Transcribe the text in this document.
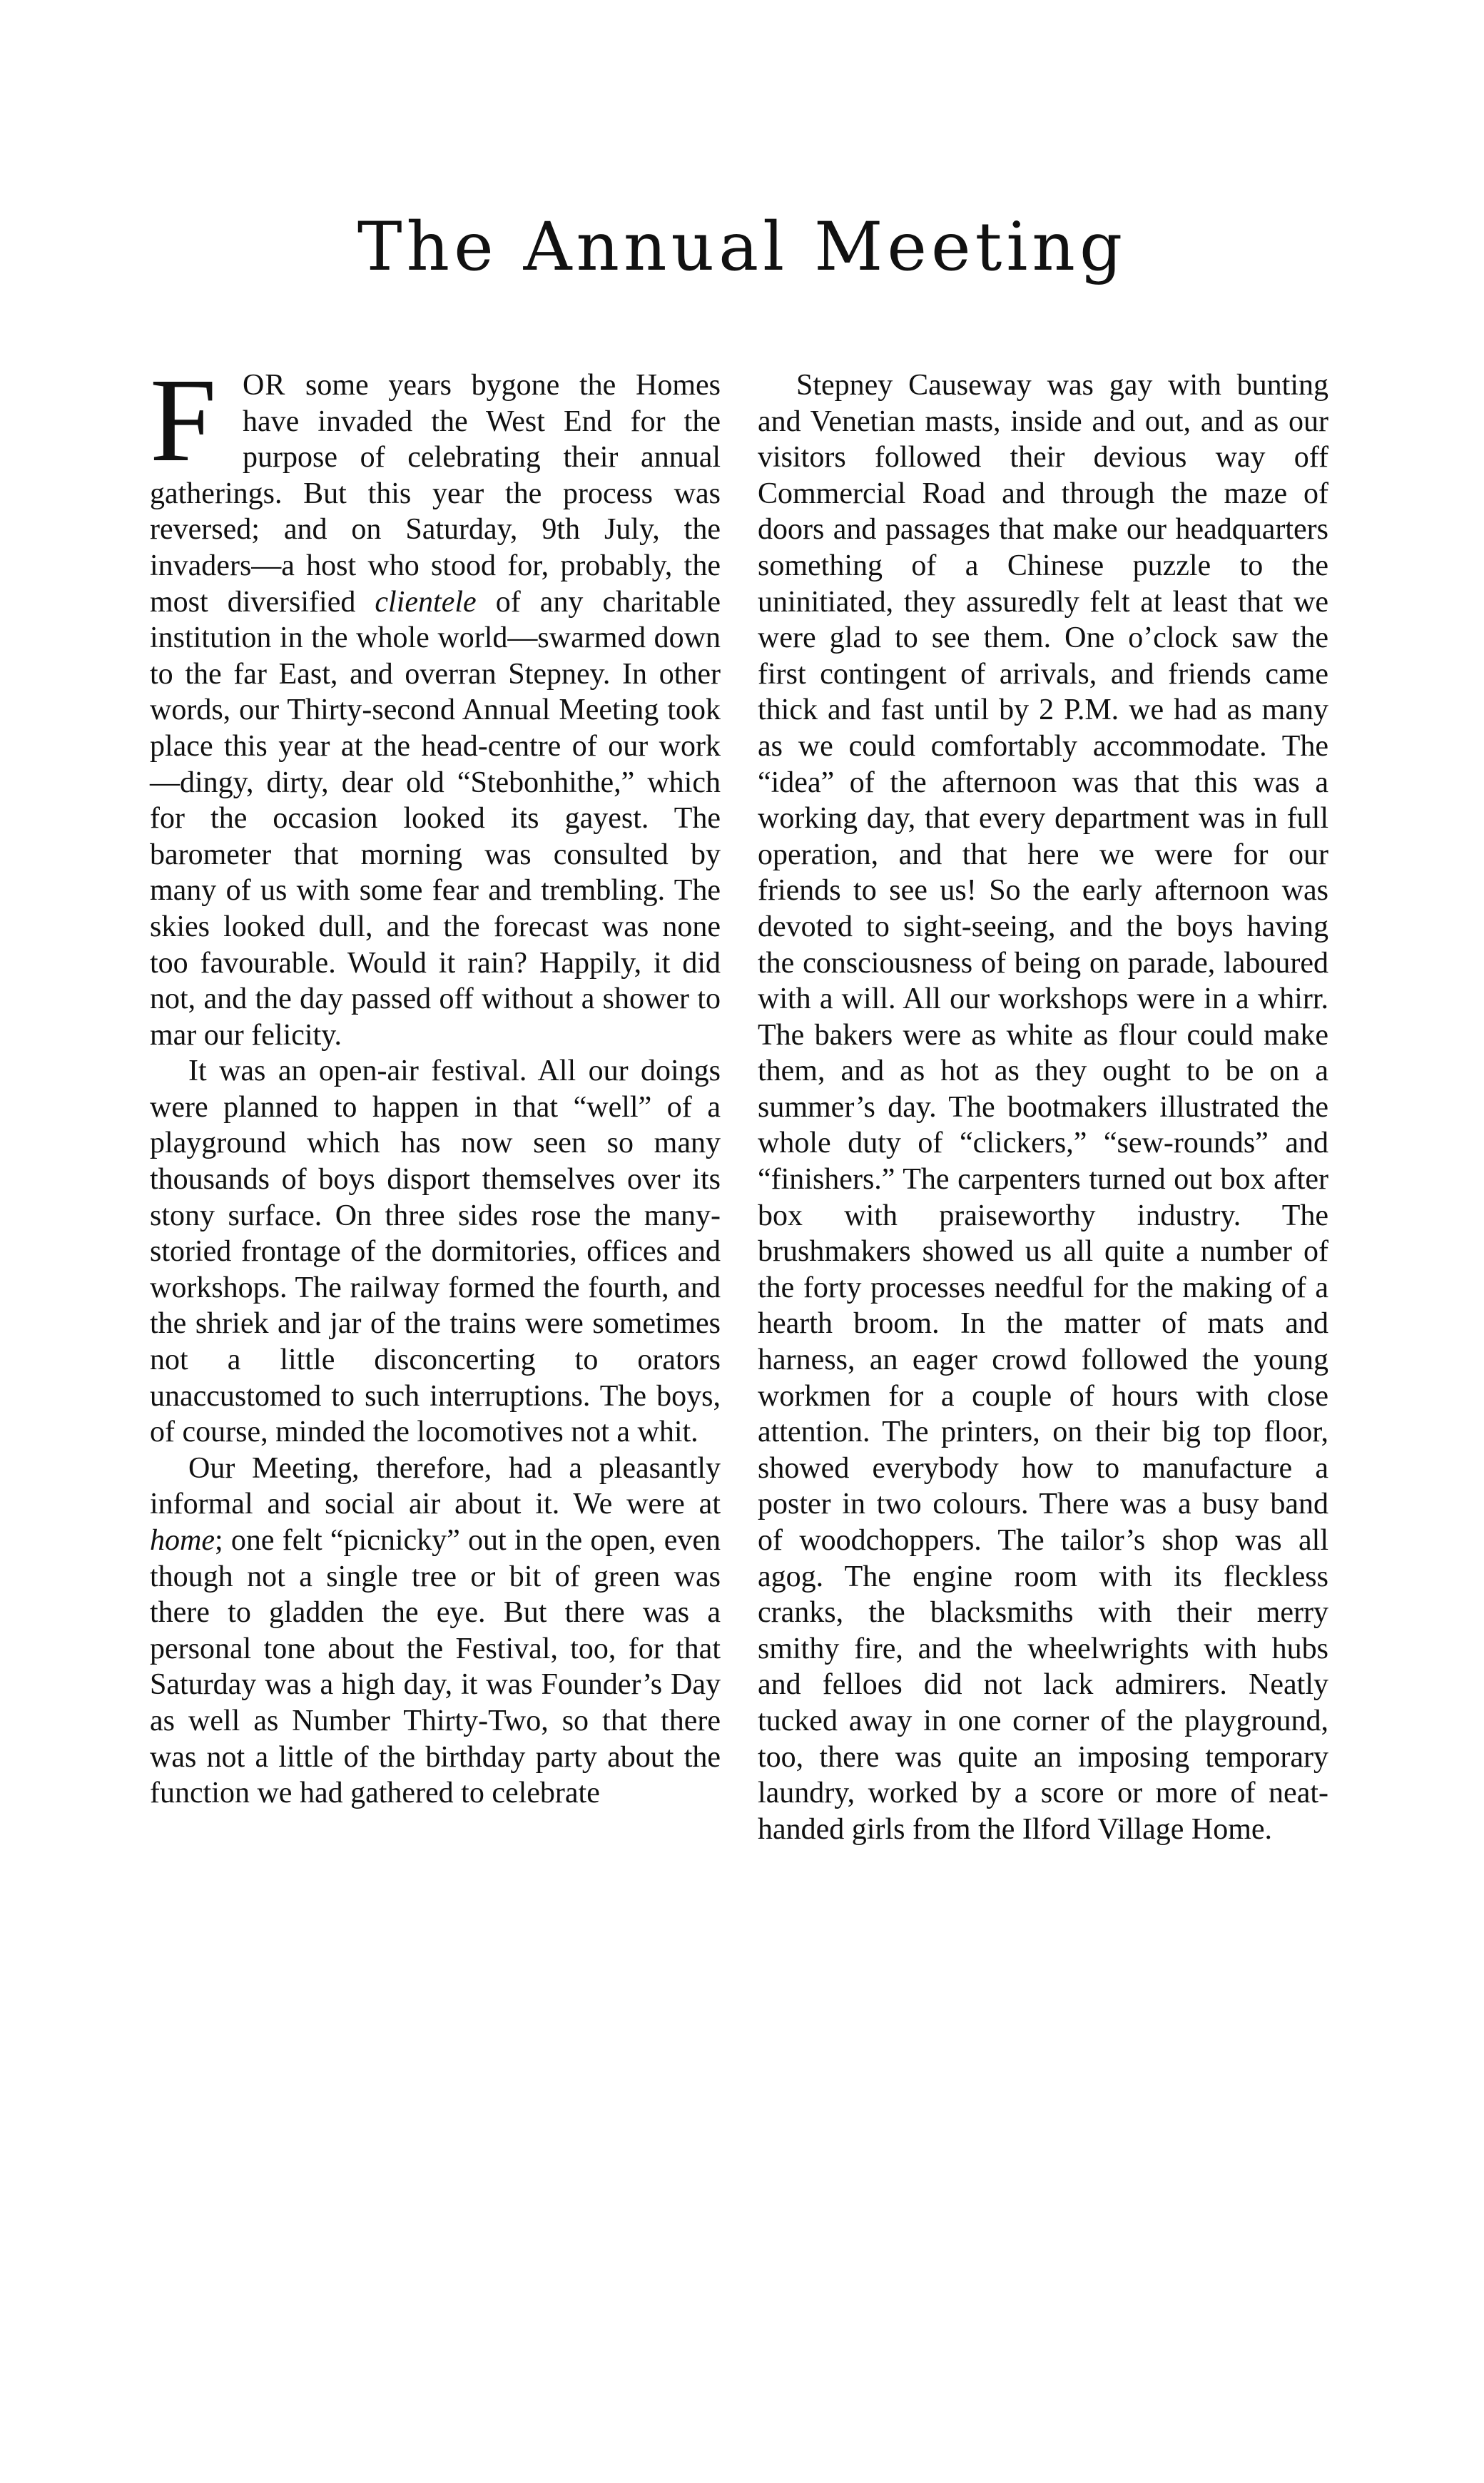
The Annual Meeting

FOR some years bygone the Homes have invaded the West End for the purpose of celebrating their annual gatherings. But this year the process was reversed; and on Saturday, 9th July, the invaders—a host who stood for, probably, the most diversified clientele of any charitable institution in the whole world—swarmed down to the far East, and overran Stepney. In other words, our Thirty-second Annual Meeting took place this year at the head-centre of our work—dingy, dirty, dear old “Stebonhithe,” which for the occasion looked its gayest. The barometer that morning was consulted by many of us with some fear and trembling. The skies looked dull, and the forecast was none too favourable. Would it rain? Happily, it did not, and the day passed off without a shower to mar our felicity.

It was an open-air festival. All our doings were planned to happen in that “well” of a playground which has now seen so many thousands of boys disport themselves over its stony surface. On three sides rose the many-storied frontage of the dormitories, offices and workshops. The railway formed the fourth, and the shriek and jar of the trains were sometimes not a little disconcerting to orators unaccustomed to such interruptions. The boys, of course, minded the locomotives not a whit.

Our Meeting, therefore, had a pleasantly informal and social air about it. We were at home; one felt “picnicky” out in the open, even though not a single tree or bit of green was there to gladden the eye. But there was a personal tone about the Festival, too, for that Saturday was a high day, it was Founder’s Day as well as Number Thirty-Two, so that there was not a little of the birthday party about the function we had gathered to celebrate

Stepney Causeway was gay with bunting and Venetian masts, inside and out, and as our visitors followed their devious way off Commercial Road and through the maze of doors and passages that make our headquarters something of a Chinese puzzle to the uninitiated, they assuredly felt at least that we were glad to see them. One o’clock saw the first contingent of arrivals, and friends came thick and fast until by 2 P.M. we had as many as we could comfortably accommodate. The “idea” of the afternoon was that this was a working day, that every department was in full operation, and that here we were for our friends to see us! So the early afternoon was devoted to sight-seeing, and the boys having the consciousness of being on parade, laboured with a will. All our workshops were in a whirr. The bakers were as white as flour could make them, and as hot as they ought to be on a summer’s day. The bootmakers illustrated the whole duty of “clickers,” “sew-rounds” and “finishers.” The carpenters turned out box after box with praiseworthy industry. The brushmakers showed us all quite a number of the forty processes needful for the making of a hearth broom. In the matter of mats and harness, an eager crowd followed the young workmen for a couple of hours with close attention. The printers, on their big top floor, showed everybody how to manufacture a poster in two colours. There was a busy band of woodchoppers. The tailor’s shop was all agog. The engine room with its fleckless cranks, the blacksmiths with their merry smithy fire, and the wheelwrights with hubs and felloes did not lack admirers. Neatly tucked away in one corner of the playground, too, there was quite an imposing temporary laundry, worked by a score or more of neat-handed girls from the Ilford Village Home.
